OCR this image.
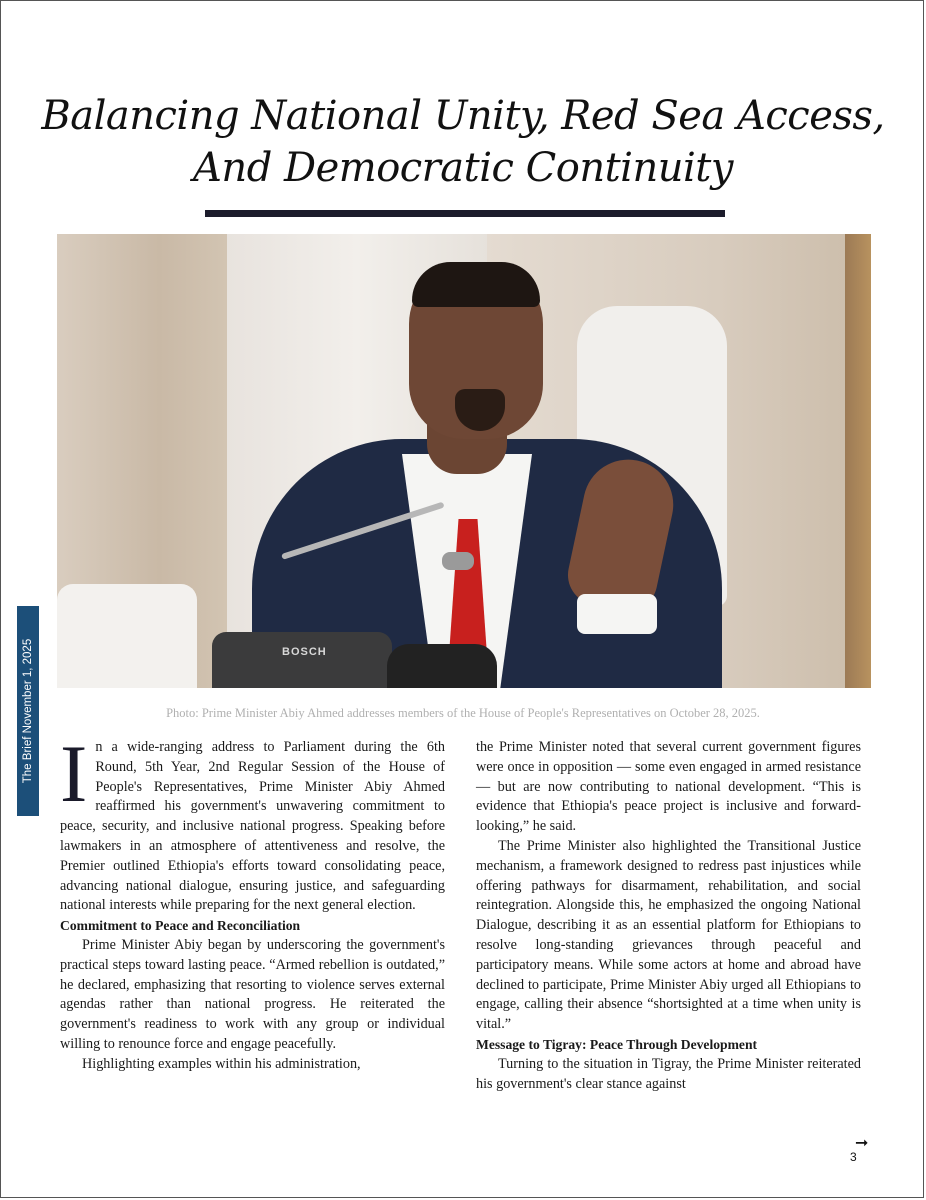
Balancing National Unity, Red Sea Access,
And Democratic Continuity
BOSCH
Photo: Prime Minister Abiy Ahmed addresses members of the House of People's Representatives on October 28, 2025.
The Brief November 1, 2025 In a wide-ranging address to Parliament during the 6th Round, 5th Year, 2nd Regular Session of the House of People's Representatives, Prime Minister Abiy Ahmed reaffirmed his government's unwavering commitment to peace, security, and inclusive national progress. Speaking before lawmakers in an atmosphere of attentiveness and resolve, the Premier outlined Ethiopia's efforts toward consolidating peace, advancing national dialogue, ensuring justice, and safeguarding national interests while preparing for the next general election.

Commitment to Peace and Reconciliation

Prime Minister Abiy began by underscoring the government's practical steps toward lasting peace. “Armed rebellion is outdated,” he declared, emphasizing that resorting to violence serves external agendas rather than national progress. He reiterated the government's readiness to work with any group or individual willing to renounce force and engage peacefully.

Highlighting examples within his administration,

the Prime Minister noted that several current government figures were once in opposition — some even engaged in armed resistance — but are now contributing to national development. “This is evidence that Ethiopia's peace project is inclusive and forward-looking,” he said.

The Prime Minister also highlighted the Transitional Justice mechanism, a framework designed to redress past injustices while offering pathways for disarmament, rehabilitation, and social reintegration. Alongside this, he emphasized the ongoing National Dialogue, describing it as an essential platform for Ethiopians to resolve long-standing grievances through peaceful and participatory means. While some actors at home and abroad have declined to participate, Prime Minister Abiy urged all Ethiopians to engage, calling their absence “shortsighted at a time when unity is vital.”

Message to Tigray: Peace Through Development

Turning to the situation in Tigray, the Prime Minister reiterated his government's clear stance against

➞
3
